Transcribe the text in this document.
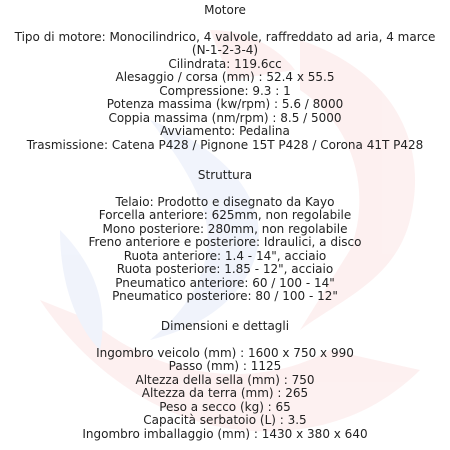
Motore
Tipo di motore: Monocilindrico, 4 valvole, raffreddato ad aria, 4 marce
(N-1-2-3-4)
Cilindrata: 119.6cc
Alesaggio / corsa (mm) : 52.4 x 55.5
Compressione: 9.3 : 1
Potenza massima (kw/rpm) : 5.6 / 8000
Coppia massima (nm/rpm) : 8.5 / 5000
Avviamento: Pedalina
Trasmissione: Catena P428 / Pignone 15T P428 / Corona 41T P428
Struttura
Telaio: Prodotto e disegnato da Kayo
Forcella anteriore: 625mm, non regolabile
Mono posteriore: 280mm, non regolabile
Freno anteriore e posteriore: Idraulici, a disco
Ruota anteriore: 1.4 - 14", acciaio
Ruota posteriore: 1.85 - 12", acciaio
Pneumatico anteriore: 60 / 100 - 14"
Pneumatico posteriore: 80 / 100 - 12"
Dimensioni e dettagli
Ingombro veicolo (mm) : 1600 x 750 x 990
Passo (mm) : 1125
Altezza della sella (mm) : 750
Altezza da terra (mm) : 265
Peso a secco (kg) : 65
Capacità serbatoio (L) : 3.5
Ingombro imballaggio (mm) : 1430 x 380 x 640
